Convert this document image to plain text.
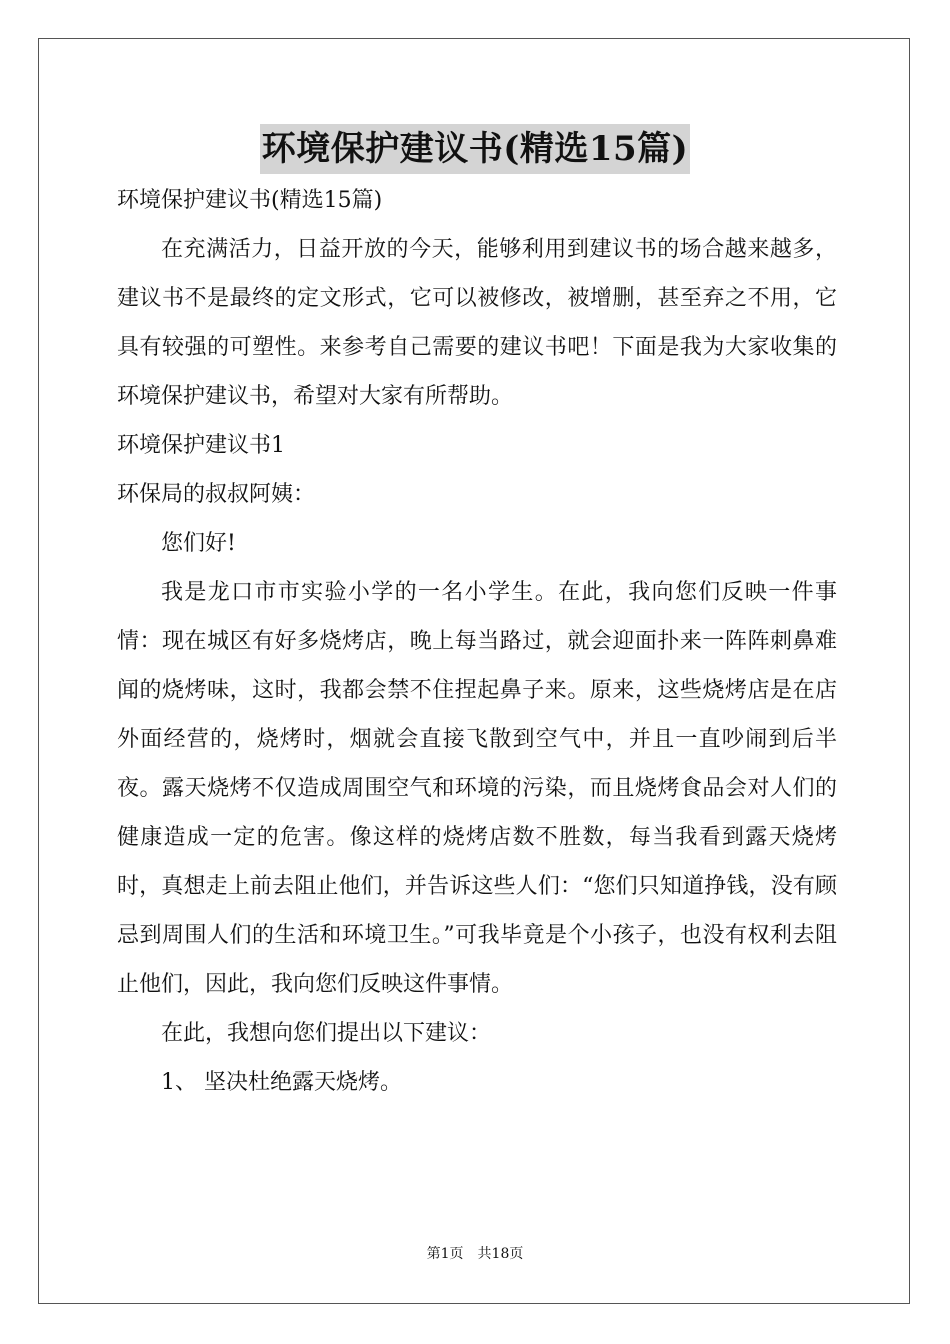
环境保护建议书(精选15篇)

环境保护建议书(精选15篇)

在充满活力，日益开放的今天，能够利用到建议书的场合越来越多，建议书不是最终的定文形式，它可以被修改，被增删，甚至弃之不用，它具有较强的可塑性。来参考自己需要的建议书吧！下面是我为大家收集的环境保护建议书，希望对大家有所帮助。

环境保护建议书1

环保局的叔叔阿姨：

您们好!

我是龙口市市实验小学的一名小学生。在此，我向您们反映一件事情：现在城区有好多烧烤店，晚上每当路过，就会迎面扑来一阵阵刺鼻难闻的烧烤味，这时，我都会禁不住捏起鼻子来。原来，这些烧烤店是在店外面经营的，烧烤时，烟就会直接飞散到空气中，并且一直吵闹到后半夜。露天烧烤不仅造成周围空气和环境的污染，而且烧烤食品会对人们的健康造成一定的危害。像这样的烧烤店数不胜数，每当我看到露天烧烤时，真想走上前去阻止他们，并告诉这些人们：“您们只知道挣钱，没有顾忌到周围人们的生活和环境卫生。”可我毕竟是个小孩子，也没有权利去阻止他们，因此，我向您们反映这件事情。

在此，我想向您们提出以下建议：

1、 坚决杜绝露天烧烤。

第1页 共18页
